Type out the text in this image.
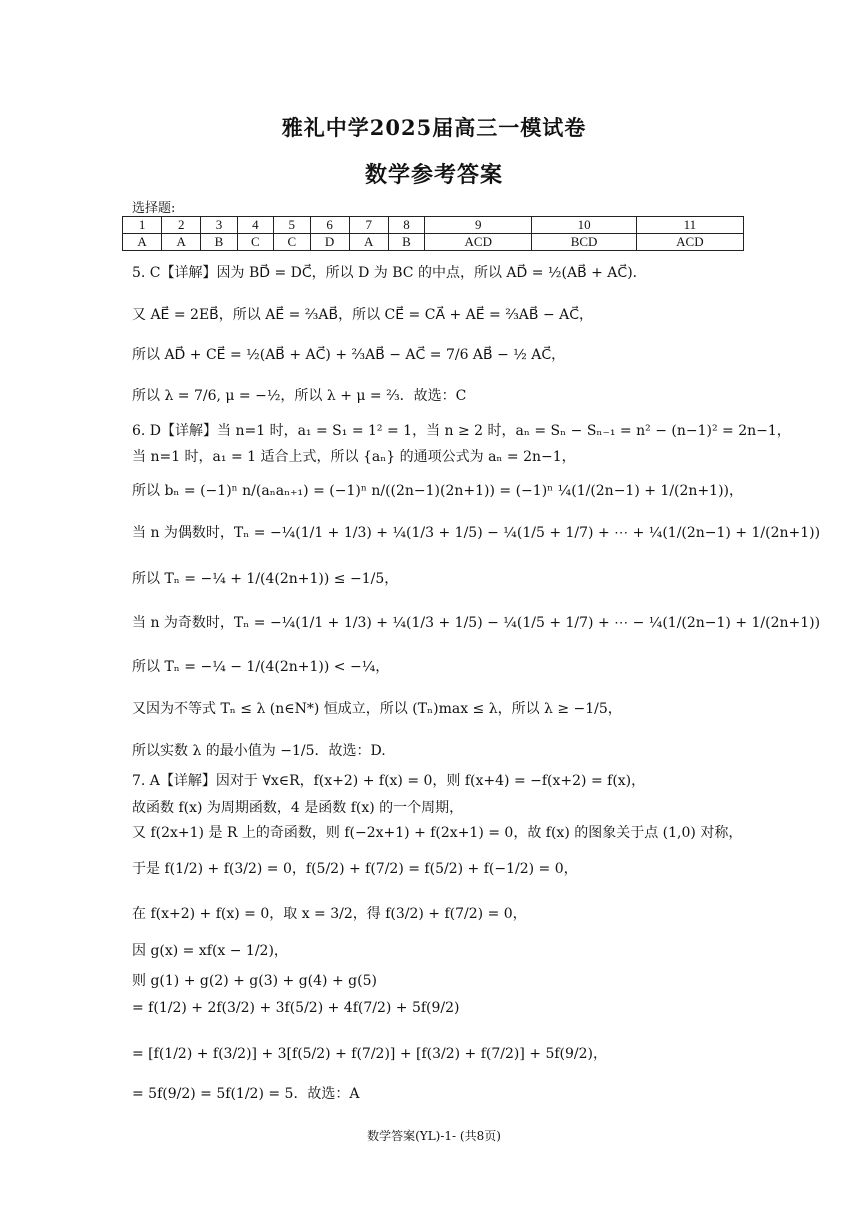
雅礼中学2025届高三一模试卷
数学参考答案
选择题:
1	2	3	4	5	6	7	8	9	10	11
A	A	B	C	C	D	A	B	ACD	BCD	ACD
5. C【详解】因为 BD⃗ = DC⃗，所以 D 为 BC 的中点，所以 AD⃗ = ½(AB⃗ + AC⃗)．
又 AE⃗ = 2EB⃗，所以 AE⃗ = ⅔AB⃗，所以 CE⃗ = CA⃗ + AE⃗ = ⅔AB⃗ − AC⃗，
所以 AD⃗ + CE⃗ = ½(AB⃗ + AC⃗) + ⅔AB⃗ − AC⃗ = 7/6 AB⃗ − ½ AC⃗，
所以 λ = 7/6, μ = −½，所以 λ + μ = ⅔．故选：C
6. D【详解】当 n=1 时，a₁ = S₁ = 1² = 1，当 n ≥ 2 时，aₙ = Sₙ − Sₙ₋₁ = n² − (n−1)² = 2n−1，
当 n=1 时，a₁ = 1 适合上式，所以 {aₙ} 的通项公式为 aₙ = 2n−1，
所以 bₙ = (−1)ⁿ n/(aₙaₙ₊₁) = (−1)ⁿ n/((2n−1)(2n+1)) = (−1)ⁿ ¼(1/(2n−1) + 1/(2n+1))，
当 n 为偶数时，Tₙ = −¼(1/1 + 1/3) + ¼(1/3 + 1/5) − ¼(1/5 + 1/7) + ⋯ + ¼(1/(2n−1) + 1/(2n+1))
所以 Tₙ = −¼ + 1/(4(2n+1)) ≤ −1/5，
当 n 为奇数时，Tₙ = −¼(1/1 + 1/3) + ¼(1/3 + 1/5) − ¼(1/5 + 1/7) + ⋯ − ¼(1/(2n−1) + 1/(2n+1))
所以 Tₙ = −¼ − 1/(4(2n+1)) < −¼，
又因为不等式 Tₙ ≤ λ (n∈N*) 恒成立，所以 (Tₙ)max ≤ λ，所以 λ ≥ −1/5，
所以实数 λ 的最小值为 −1/5．故选：D.
7. A【详解】因对于 ∀x∈R，f(x+2) + f(x) = 0，则 f(x+4) = −f(x+2) = f(x)，
故函数 f(x) 为周期函数，4 是函数 f(x) 的一个周期，
又 f(2x+1) 是 R 上的奇函数，则 f(−2x+1) + f(2x+1) = 0，故 f(x) 的图象关于点 (1,0) 对称，
于是 f(1/2) + f(3/2) = 0，f(5/2) + f(7/2) = f(5/2) + f(−1/2) = 0，
在 f(x+2) + f(x) = 0，取 x = 3/2，得 f(3/2) + f(7/2) = 0，
因 g(x) = xf(x − 1/2)，
则 g(1) + g(2) + g(3) + g(4) + g(5)
= f(1/2) + 2f(3/2) + 3f(5/2) + 4f(7/2) + 5f(9/2)
= [f(1/2) + f(3/2)] + 3[f(5/2) + f(7/2)] + [f(3/2) + f(7/2)] + 5f(9/2)，
= 5f(9/2) = 5f(1/2) = 5．故选：A
数学答案(YL)-1- (共8页)
